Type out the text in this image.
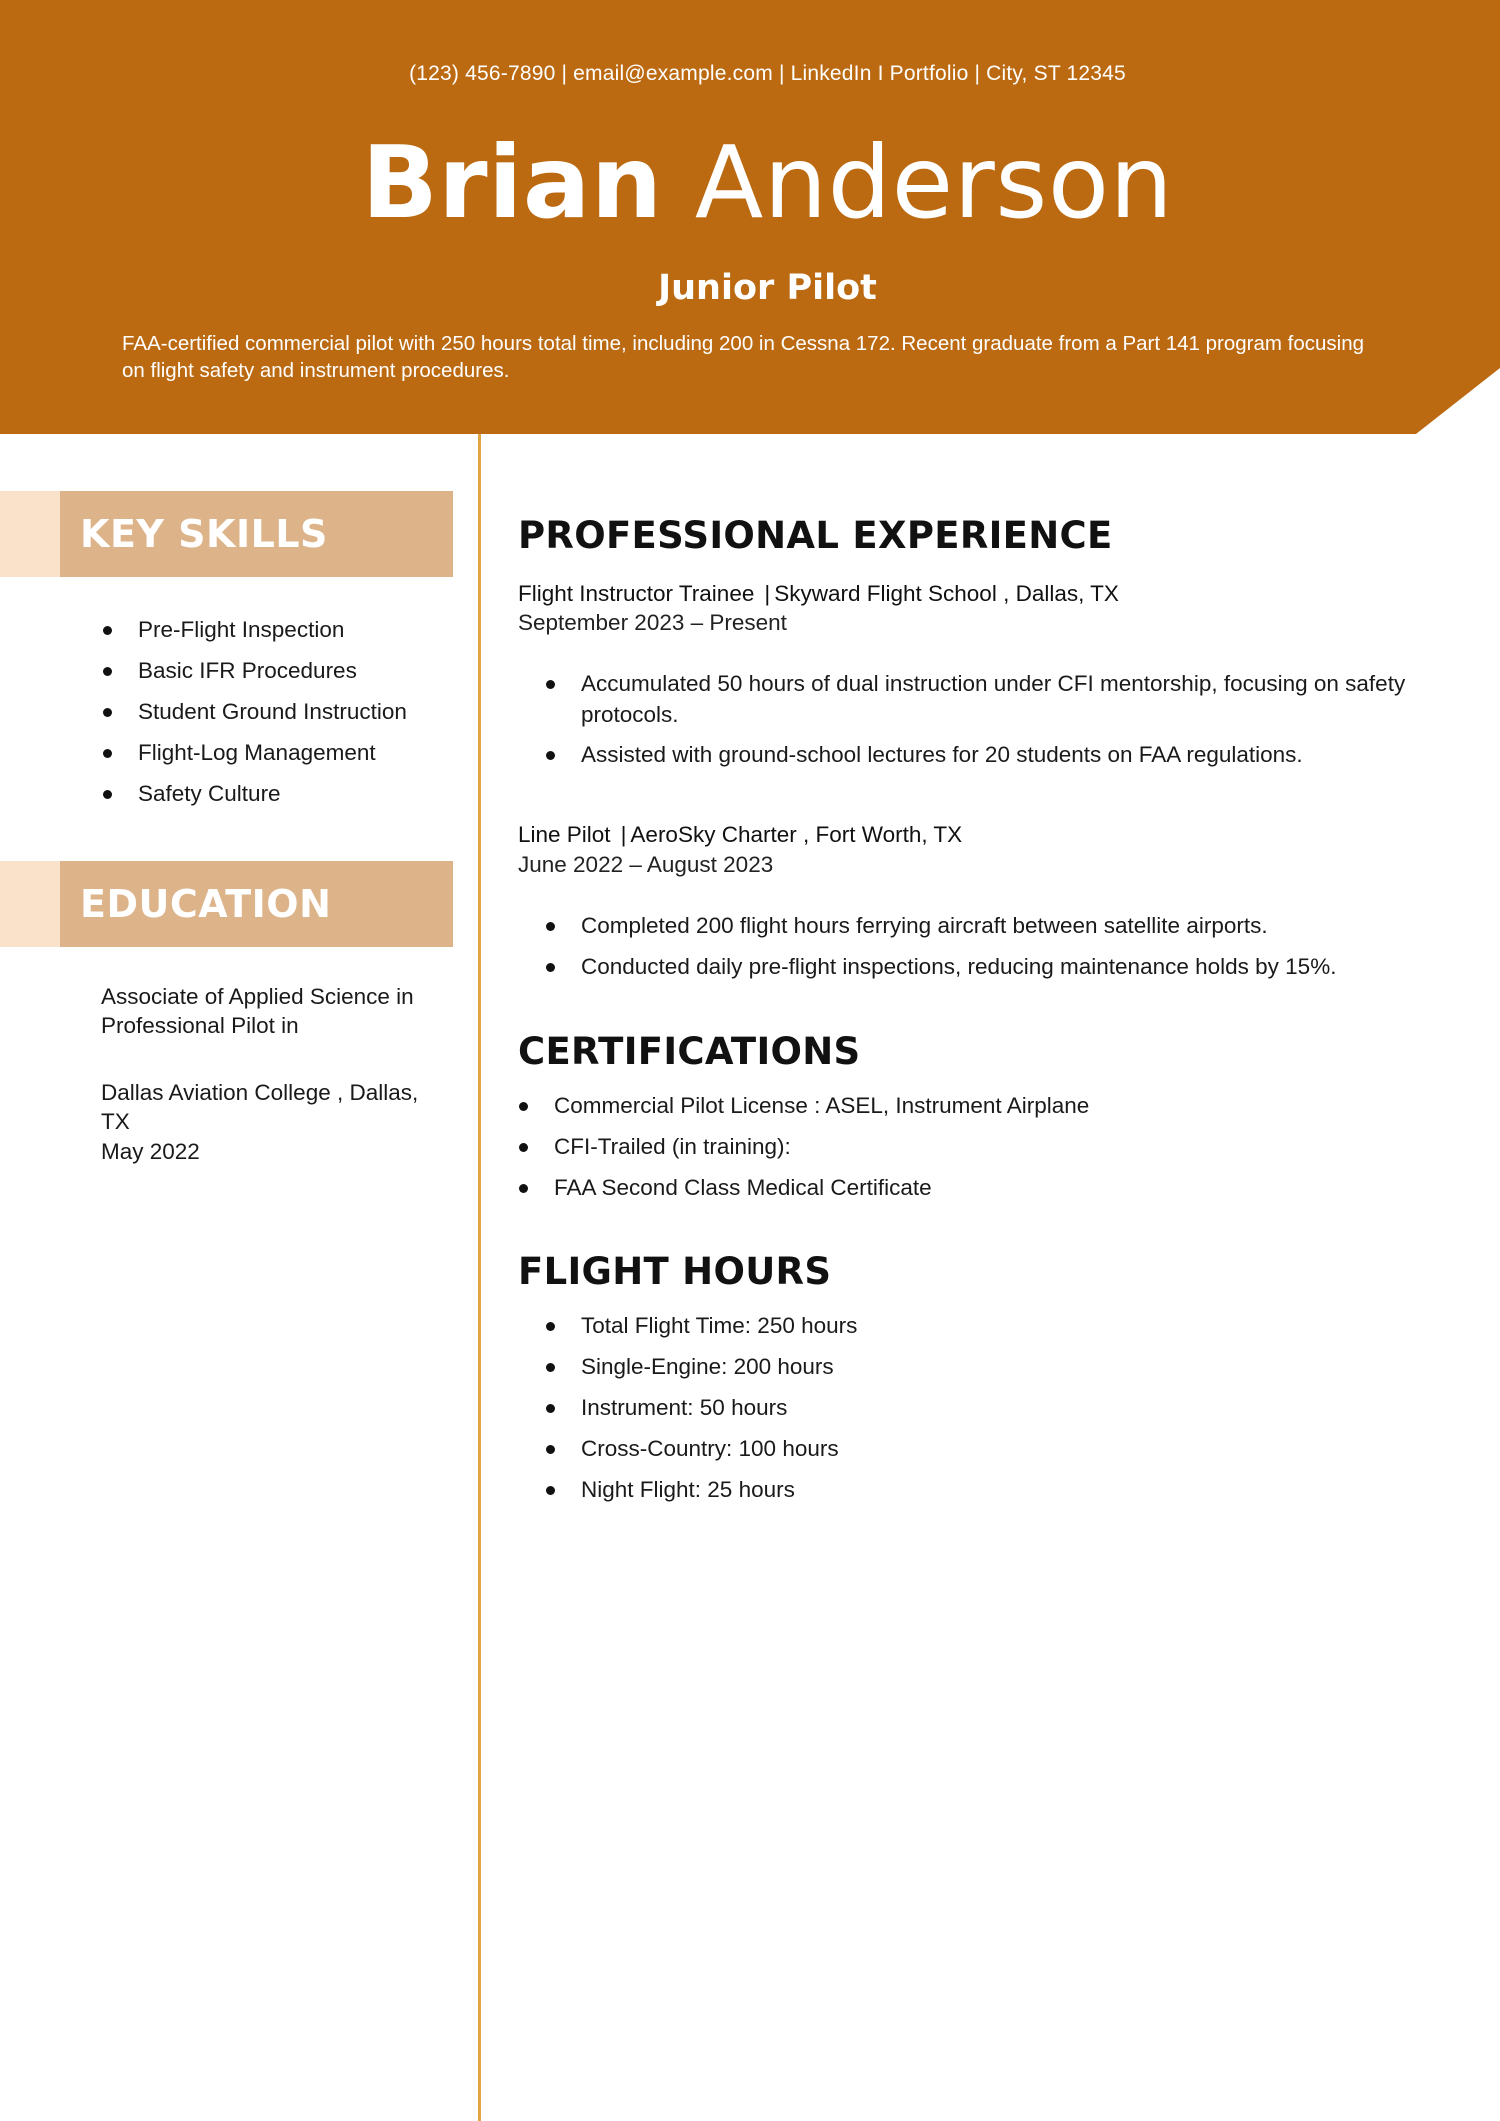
(123) 456-7890 | email@example.com | LinkedIn I Portfolio | City, ST 12345
Brian Anderson
Junior Pilot
FAA-certified commercial pilot with 250 hours total time, including 200 in Cessna 172. Recent graduate from a Part 141 program focusing on flight safety and instrument procedures.
KEY SKILLS
Pre-Flight Inspection
Basic IFR Procedures
Student Ground Instruction
Flight-Log Management
Safety Culture
EDUCATION
Associate of Applied Science in Professional Pilot in
Dallas Aviation College , Dallas, TX
May 2022
PROFESSIONAL EXPERIENCE
Flight Instructor Trainee | Skyward Flight School , Dallas, TX
September 2023 – Present
Accumulated 50 hours of dual instruction under CFI mentorship, focusing on safety protocols.
Assisted with ground-school lectures for 20 students on FAA regulations.
Line Pilot | AeroSky Charter , Fort Worth, TX
June 2022 – August 2023
Completed 200 flight hours ferrying aircraft between satellite airports.
Conducted daily pre-flight inspections, reducing maintenance holds by 15%.
CERTIFICATIONS
Commercial Pilot License : ASEL, Instrument Airplane
CFI-Trailed (in training):
FAA Second Class Medical Certificate
FLIGHT HOURS
Total Flight Time: 250 hours
Single-Engine: 200 hours
Instrument: 50 hours
Cross-Country: 100 hours
Night Flight: 25 hours
